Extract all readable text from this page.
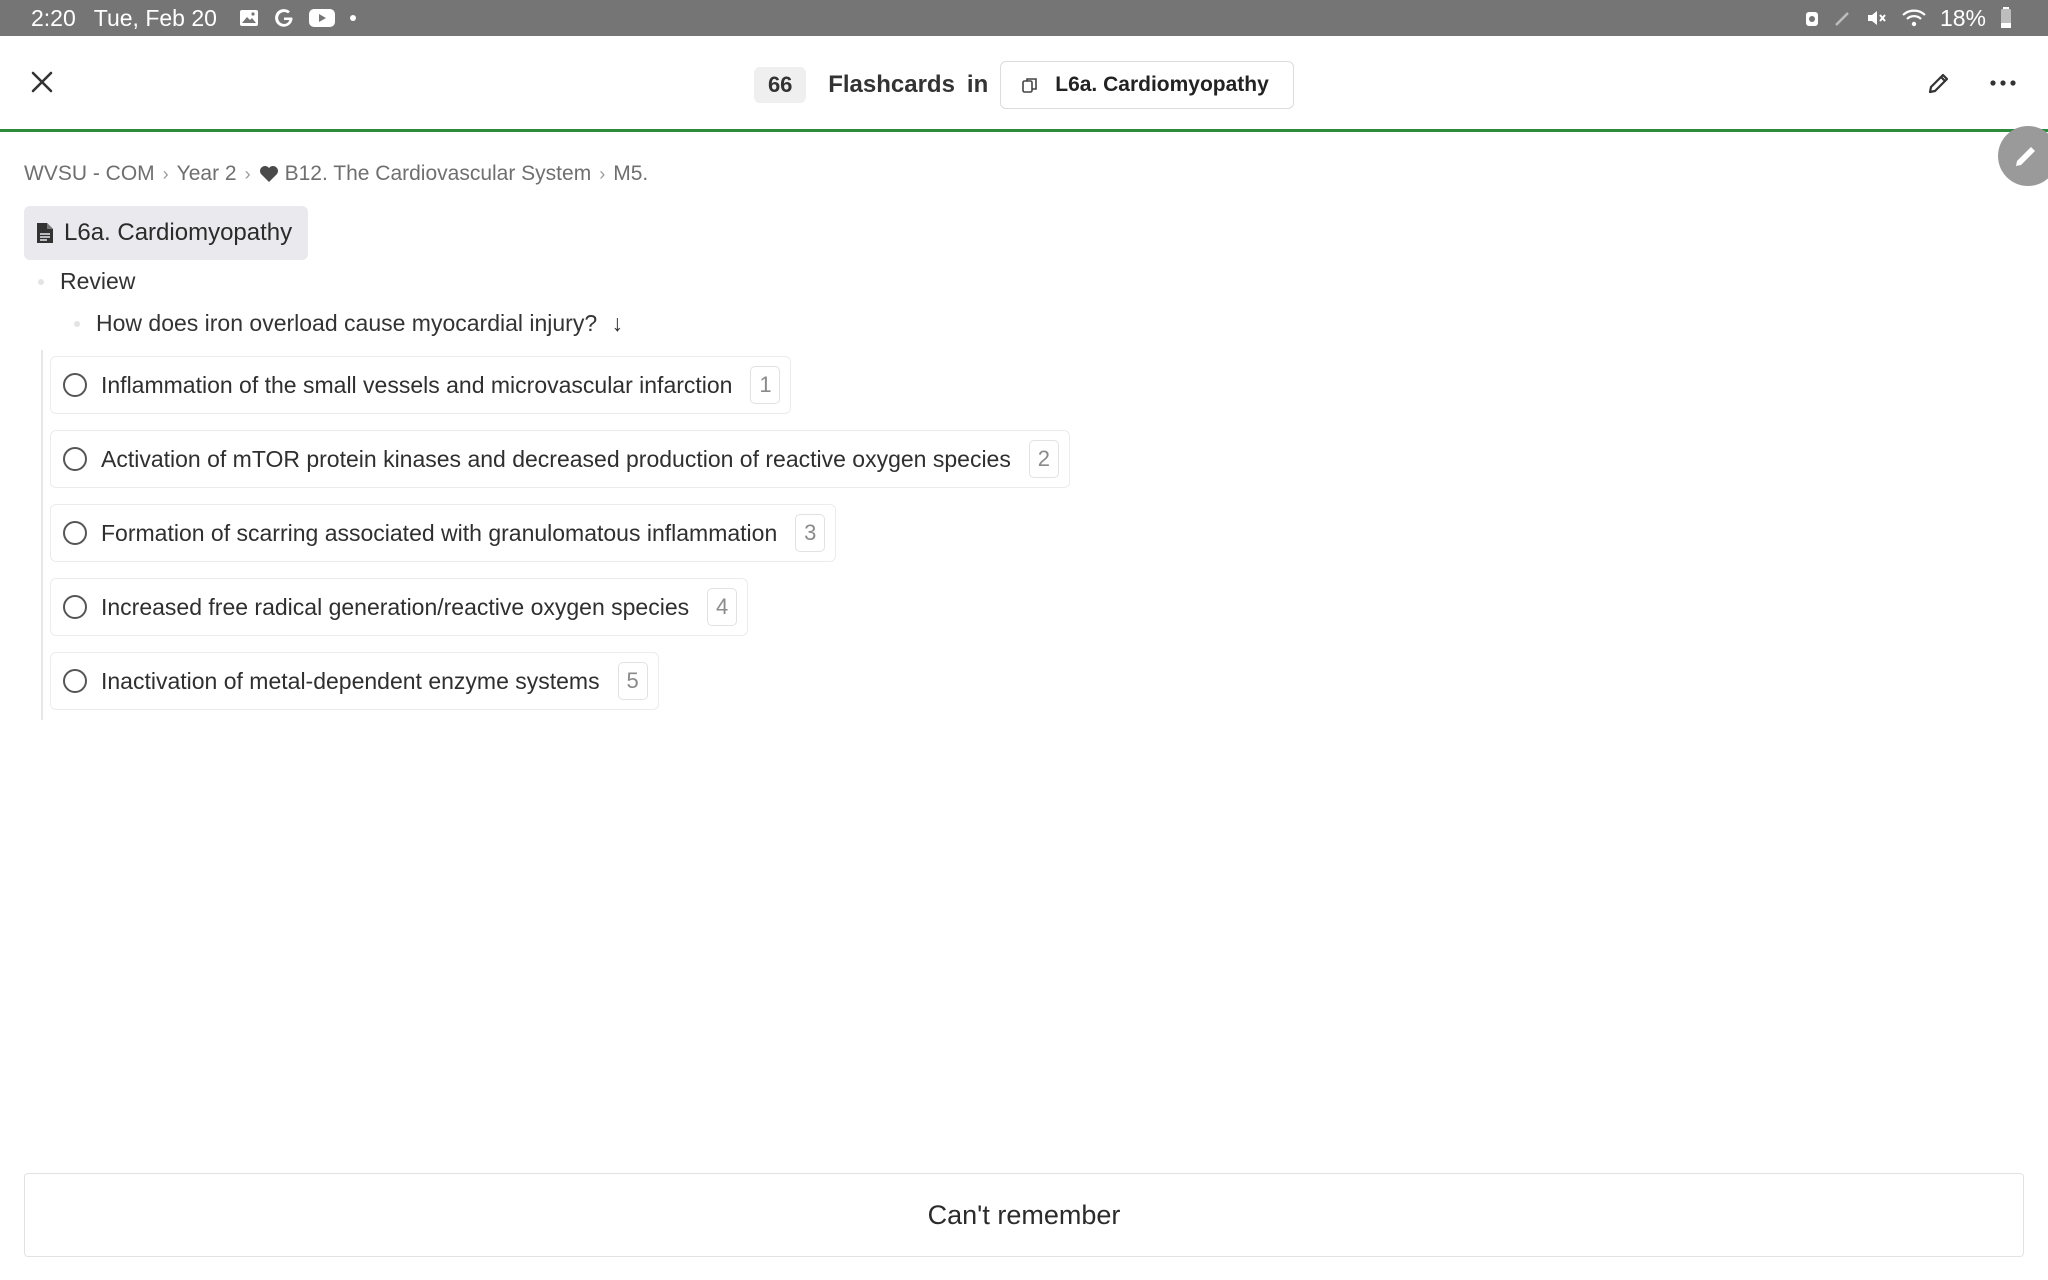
2:20 Tue, Feb 20	18%
66	Flashcards in	L6a. Cardiomyopathy
WVSU - COM › Year 2 › B12. The Cardiovascular System › M5.
L6a. Cardiomyopathy
Review
How does iron overload cause myocardial injury? ↓
Inflammation of the small vessels and microvascular infarction	1
Activation of mTOR protein kinases and decreased production of reactive oxygen species	2
Formation of scarring associated with granulomatous inflammation	3
Increased free radical generation/reactive oxygen species	4
Inactivation of metal-dependent enzyme systems	5
Can't remember
